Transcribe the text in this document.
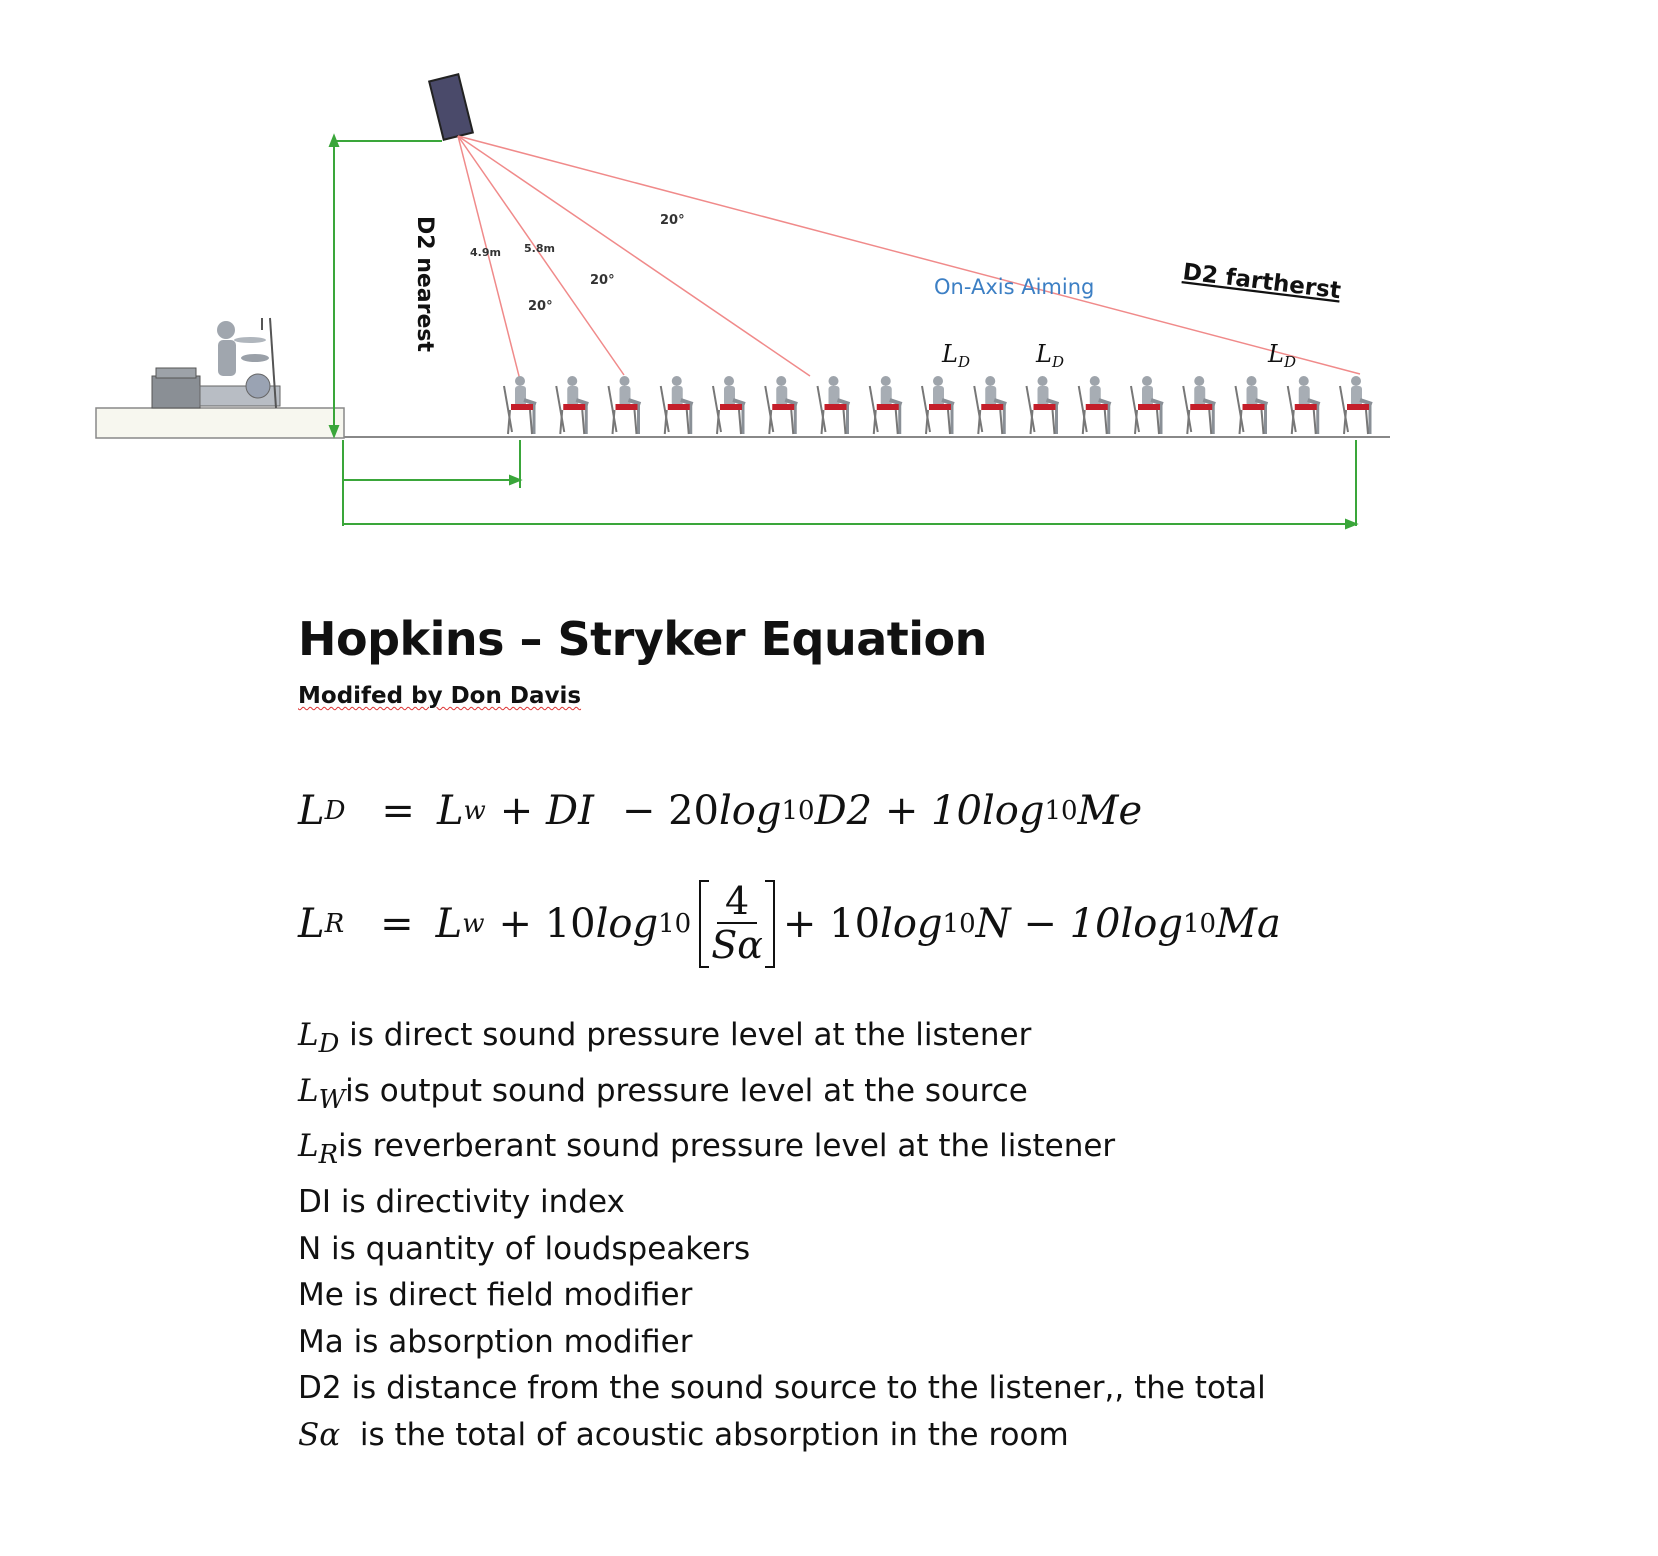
D2 nearest	D2 fartherst
On-Axis Aiming
4.9m 5.8m
20°
20°
20°
$L_D$	$L_D$	$L_D$
Hopkins – Stryker Equation

Modifed by Don Davis

L D = L w + DI − 20 log 10 D2 + 10 log 10 Me
L R = L w + 10 log 10
4
Sα + 10 log 10 N − 10 log 10 Ma
$L_D$ is direct sound pressure level at the listener
$L_Wis$ output sound pressure level at the source
$L_Ris$ reverberant sound pressure level at the listener
DI is directivity index
N is quantity of loudspeakers
Me is direct field modifier
Ma is absorption modifier
D2 is distance from the sound source to the listener,, the total
Sα  is the total of acoustic absorption in the room
